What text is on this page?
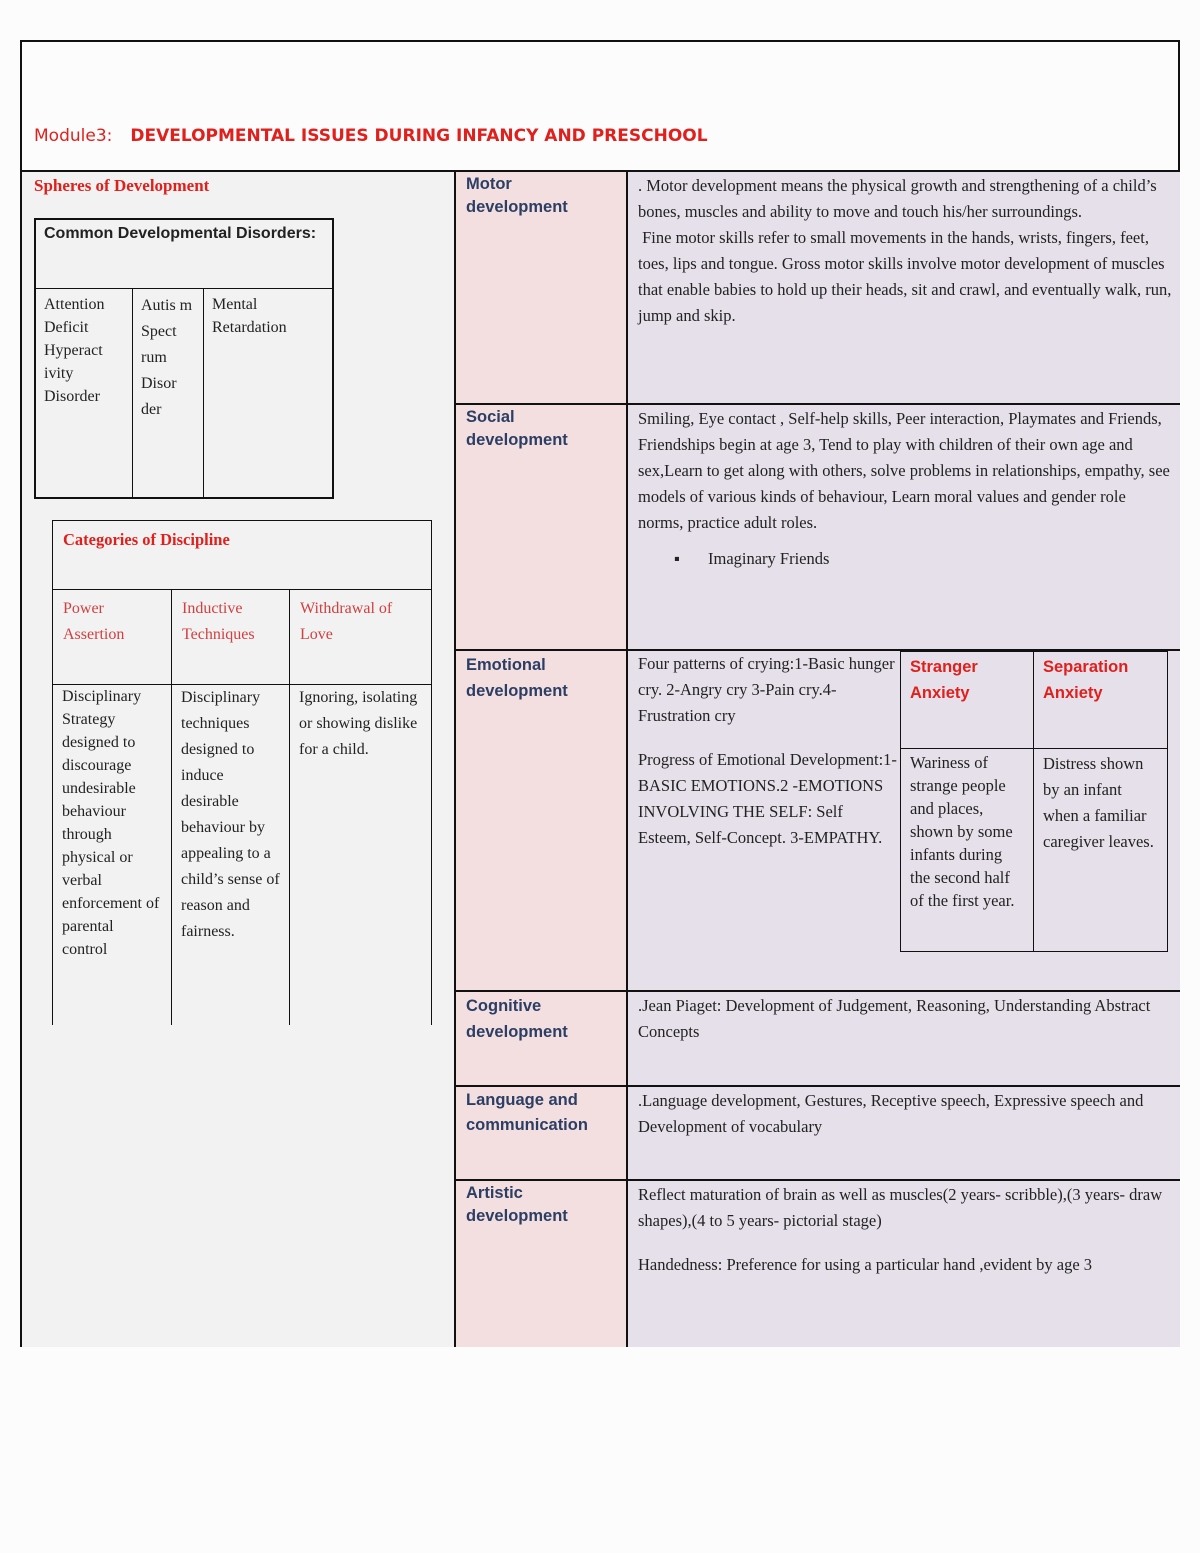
Module3: DEVELOPMENTAL ISSUES DURING INFANCY AND PRESCHOOL
Spheres of Development
Common Developmental Disorders:
Attention Deficit Hyperact ivity Disorder	Autis m Spect rum Disor der	Mental Retardation
Categories of Discipline		
Power Assertion	Inductive Techniques	Withdrawal of Love
Disciplinary Strategy designed to discourage undesirable behaviour through physical or verbal enforcement of parental control	Disciplinary techniques designed to induce desirable behaviour by appealing to a child’s sense of reason and fairness.	Ignoring, isolating or showing dislike for a child.
Motor development

. Motor development means the physical growth and strengthening of a child’s bones, muscles and ability to move and touch his/her surroundings.

Fine motor skills refer to small movements in the hands, wrists, fingers, feet, toes, lips and tongue. Gross motor skills involve motor development of muscles that enable babies to hold up their heads, sit and crawl, and eventually walk, run, jump and skip.

Social development

Smiling, Eye contact , Self-help skills, Peer interaction, Playmates and Friends, Friendships begin at age 3, Tend to play with children of their own age and sex,Learn to get along with others, solve problems in relationships, empathy, see models of various kinds of behaviour, Learn moral values and gender role norms, practice adult roles.

▪ Imaginary Friends

Emotional development

Four patterns of crying:1-Basic hunger cry. 2-Angry cry 3-Pain cry.4-Frustration cry

Progress of Emotional Development:1-BASIC EMOTIONS.2 -EMOTIONS INVOLVING THE SELF: Self Esteem, Self-Concept. 3-EMPATHY.

Stranger Anxiety	Separation Anxiety
Wariness of strange people and places, shown by some infants during the second half of the first year.	Distress shown by an infant when a familiar caregiver leaves.
Cognitive development

.Jean Piaget: Development of Judgement, Reasoning, Understanding Abstract Concepts

Language and communication

.Language development, Gestures, Receptive speech, Expressive speech and Development of vocabulary

Artistic development

Reflect maturation of brain as well as muscles(2 years- scribble),(3 years- draw shapes),(4 to 5 years- pictorial stage)

Handedness: Preference for using a particular hand ,evident by age 3
